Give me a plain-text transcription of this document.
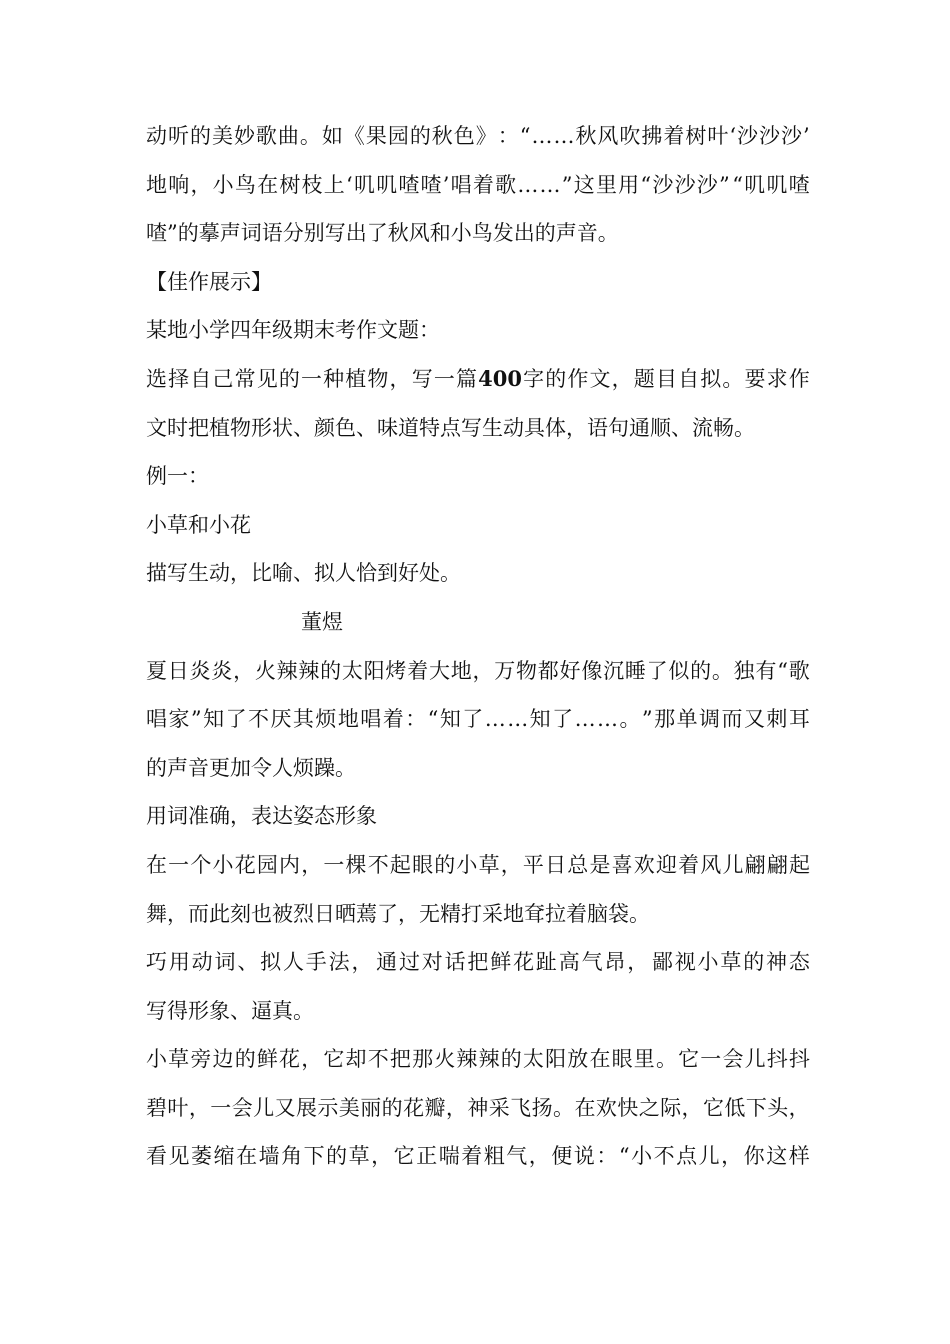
动 听 的 美 妙 歌 曲 。 如 《 果 园 的 秋 色 》 ： “ … … 秋 风 吹 拂 着 树 叶 ‘ 沙 沙 沙 ’
地 响 ， 小 鸟 在 树 枝 上 ‘ 叽 叽 喳 喳 ’ 唱 着 歌 … … ” 这 里 用 “ 沙 沙 沙 ” “ 叽 叽 喳
喳”的摹声词语分别写出了秋风和小鸟发出的声音。
【佳作展示】
某地小学四年级期末考作文题：
选 择 自 己 常 见 的 一 种 植 物 ， 写 一 篇 400 字 的 作 文 ， 题 目 自 拟 。 要 求 作
文时把植物形状、颜色、味道特点写生动具体，语句通顺、流畅。
例一：
小草和小花
描写生动，比喻、拟人恰到好处。
董煜
夏 日 炎 炎 ， 火 辣 辣 的 太 阳 烤 着 大 地 ， 万 物 都 好 像 沉 睡 了 似 的 。 独 有 “ 歌
唱 家 ” 知 了 不 厌 其 烦 地 唱 着 ： “ 知 了 … … 知 了 … … 。 ” 那 单 调 而 又 刺 耳
的声音更加令人烦躁。
用词准确，表达姿态形象
在 一 个 小 花 园 内 ， 一 棵 不 起 眼 的 小 草 ， 平 日 总 是 喜 欢 迎 着 风 儿 翩 翩 起
舞，而此刻也被烈日晒蔫了，无精打采地耷拉着脑袋。
巧 用 动 词 、 拟 人 手 法 ， 通 过 对 话 把 鲜 花 趾 高 气 昂 ， 鄙 视 小 草 的 神 态
写得形象、逼真。
小 草 旁 边 的 鲜 花 ， 它 却 不 把 那 火 辣 辣 的 太 阳 放 在 眼 里 。 它 一 会 儿 抖 抖
碧 叶 ， 一 会 儿 又 展 示 美 丽 的 花 瓣 ， 神 采 飞 扬 。 在 欢 快 之 际 ， 它 低 下 头 ，
看 见 萎 缩 在 墙 角 下 的 草 ， 它 正 喘 着 粗 气 ， 便 说 ： “ 小 不 点 儿 ， 你 这 样
